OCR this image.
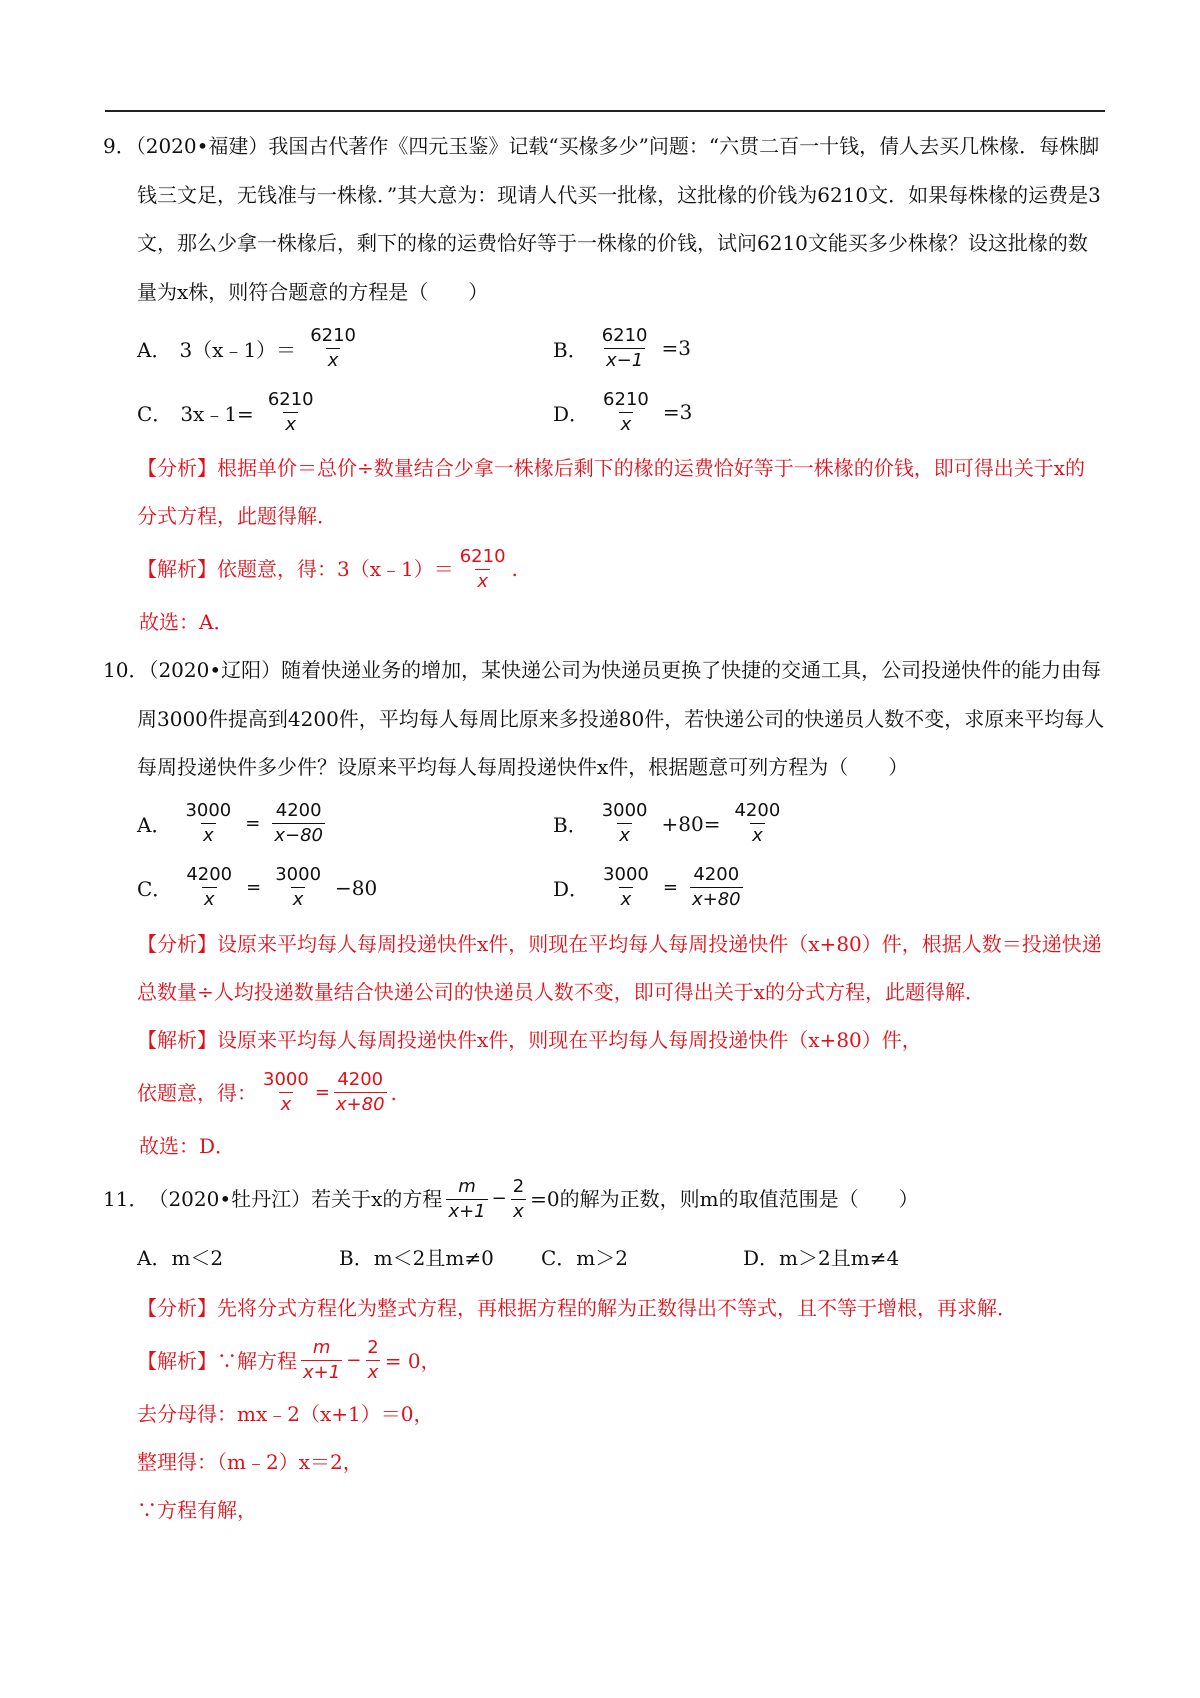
9．（2020•福建）我国古代著作《四元玉鉴》记载“买椽多少”问题：“六贯二百一十钱，倩人去买几株椽．每株脚钱三文足，无钱准与一株椽．”其大意为：现请人代买一批椽，这批椽的价钱为6210文．如果每株椽的运费是3文，那么少拿一株椽后，剩下的椽的运费恰好等于一株椽的价钱，试问6210文能买多少株椽？设这批椽的数量为x株，则符合题意的方程是（　　）

A． 3（x﹣1）＝ $\frac{6210}{x}$	B． $\frac{6210}{x-1} =3$
C． 3x﹣1= $\frac{6210}{x}$	D． $\frac{6210}{x} =3$

【分析】根据单价＝总价÷数量结合少拿一株椽后剩下的椽的运费恰好等于一株椽的价钱，即可得出关于x的分式方程，此题得解．

【解析】依题意，得：3（x﹣1）＝ $\frac{6210}{x}$ .

故选：A．

10．（2020•辽阳）随着快递业务的增加，某快递公司为快递员更换了快捷的交通工具，公司投递快件的能力由每周3000件提高到4200件，平均每人每周比原来多投递80件，若快递公司的快递员人数不变，求原来平均每人每周投递快件多少件？设原来平均每人每周投递快件x件，根据题意可列方程为（　　）

A． $\frac{3000}{x} = \frac{4200}{x-80}$	B． $\frac{3000}{x} +80= \frac{4200}{x}$
C． $\frac{4200}{x} = \frac{3000}{x} -80$	D． $\frac{3000}{x} = \frac{4200}{x+80}$

【分析】设原来平均每人每周投递快件x件，则现在平均每人每周投递快件（x+80）件，根据人数＝投递快递总数量÷人均投递数量结合快递公司的快递员人数不变，即可得出关于x的分式方程，此题得解．

【解析】设原来平均每人每周投递快件x件，则现在平均每人每周投递快件（x+80）件，

依题意，得： $\frac{3000}{x} = \frac{4200}{x+80}$ .

故选：D．

11． （2020•牡丹江）若关于x的方程 $\frac{m}{x+1} - \frac{2}{x} =0$的解为正数，则m的取值范围是（　　）
A．m＜2	B．m＜2且m≠0	C．m＞2	D．m＞2且m≠4

【分析】先将分式方程化为整式方程，再根据方程的解为正数得出不等式，且不等于增根，再求解．

【解析】∵解方程 $\frac{m}{x+1} - \frac{2}{x} = 0$，

去分母得：mx﹣2（x+1）＝0，

整理得：（m﹣2）x＝2，

∵方程有解，
